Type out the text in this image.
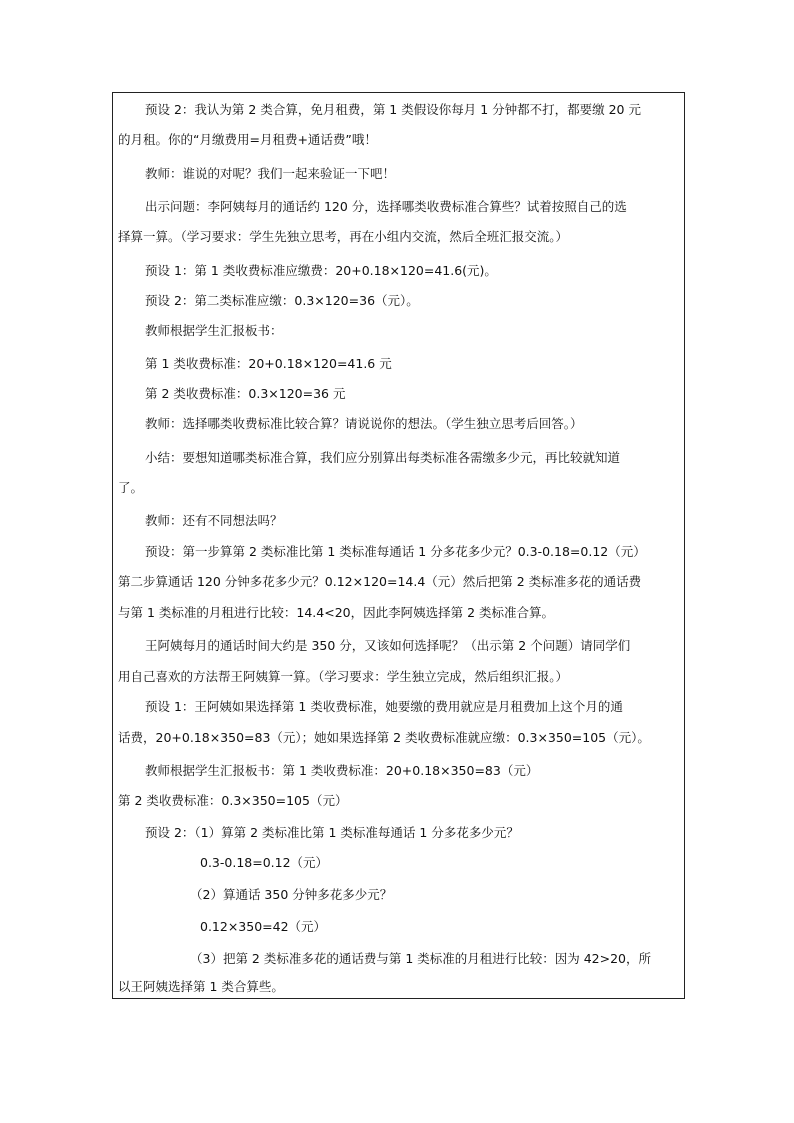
预设 2：我认为第 2 类合算，免月租费，第 1 类假设你每月 1 分钟都不打，都要缴 20 元
的月租。你的“月缴费用=月租费+通话费”哦！
教师：谁说的对呢？我们一起来验证一下吧！
出示问题：李阿姨每月的通话约 120 分，选择哪类收费标准合算些？试着按照自己的选
择算一算。（学习要求：学生先独立思考，再在小组内交流，然后全班汇报交流。）
预设 1：第 1 类收费标准应缴费：20+0.18×120=41.6(元)。
预设 2：第二类标准应缴：0.3×120=36（元）。
教师根据学生汇报板书：
第 1 类收费标准：20+0.18×120=41.6 元
第 2 类收费标准：0.3×120=36 元
教师：选择哪类收费标准比较合算？请说说你的想法。（学生独立思考后回答。）
小结：要想知道哪类标准合算，我们应分别算出每类标准各需缴多少元，再比较就知道
了。
教师：还有不同想法吗？
预设：第一步算第 2 类标准比第 1 类标准每通话 1 分多花多少元？0.3-0.18=0.12（元）
第二步算通话 120 分钟多花多少元？0.12×120=14.4（元）然后把第 2 类标准多花的通话费
与第 1 类标准的月租进行比较：14.4<20，因此李阿姨选择第 2 类标准合算。
王阿姨每月的通话时间大约是 350 分，又该如何选择呢？（出示第 2 个问题）请同学们
用自己喜欢的方法帮王阿姨算一算。（学习要求：学生独立完成，然后组织汇报。）
预设 1：王阿姨如果选择第 1 类收费标准，她要缴的费用就应是月租费加上这个月的通
话费，20+0.18×350=83（元）；她如果选择第 2 类收费标准就应缴：0.3×350=105（元）。
教师根据学生汇报板书：第 1 类收费标准：20+0.18×350=83（元）
第 2 类收费标准：0.3×350=105（元）
预设 2：（1）算第 2 类标准比第 1 类标准每通话 1 分多花多少元？
0.3-0.18=0.12（元）
（2）算通话 350 分钟多花多少元？
0.12×350=42（元）
（3）把第 2 类标准多花的通话费与第 1 类标准的月租进行比较：因为 42>20，所
以王阿姨选择第 1 类合算些。
